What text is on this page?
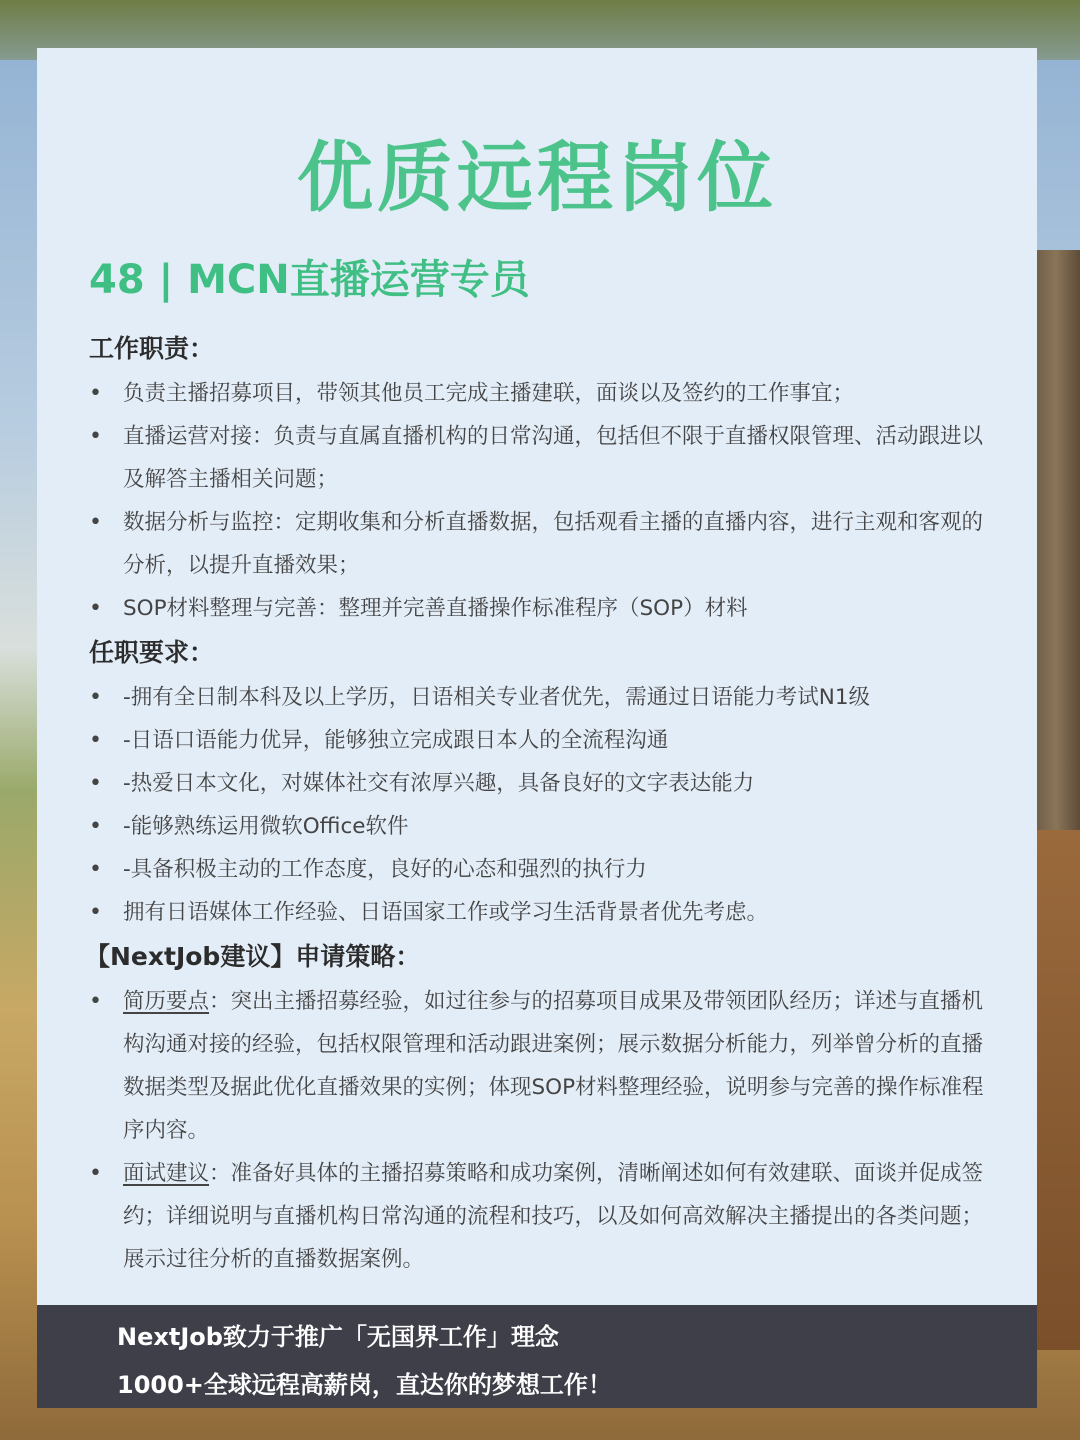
优质远程岗位
48 | MCN直播运营专员
工作职责：
• 负责主播招募项目，带领其他员工完成主播建联，面谈以及签约的工作事宜；
• 直播运营对接：负责与直属直播机构的日常沟通，包括但不限于直播权限管理、活动跟进以及解答主播相关问题；
• 数据分析与监控：定期收集和分析直播数据，包括观看主播的直播内容，进行主观和客观的分析，以提升直播效果；
• SOP材料整理与完善：整理并完善直播操作标准程序（SOP）材料
任职要求：
• -拥有全日制本科及以上学历，日语相关专业者优先，需通过日语能力考试N1级
• -日语口语能力优异，能够独立完成跟日本人的全流程沟通
• -热爱日本文化，对媒体社交有浓厚兴趣，具备良好的文字表达能力
• -能够熟练运用微软Office软件
• -具备积极主动的工作态度，良好的心态和强烈的执行力
• 拥有日语媒体工作经验、日语国家工作或学习生活背景者优先考虑。
【NextJob建议】申请策略：
• 简历要点：突出主播招募经验，如过往参与的招募项目成果及带领团队经历；详述与直播机构沟通对接的经验，包括权限管理和活动跟进案例；展示数据分析能力，列举曾分析的直播数据类型及据此优化直播效果的实例；体现SOP材料整理经验，说明参与完善的操作标准程序内容。
• 面试建议：准备好具体的主播招募策略和成功案例，清晰阐述如何有效建联、面谈并促成签约；详细说明与直播机构日常沟通的流程和技巧，以及如何高效解决主播提出的各类问题；展示过往分析的直播数据案例。
NextJob致力于推广「无国界工作」理念
1000+全球远程高薪岗，直达你的梦想工作！
